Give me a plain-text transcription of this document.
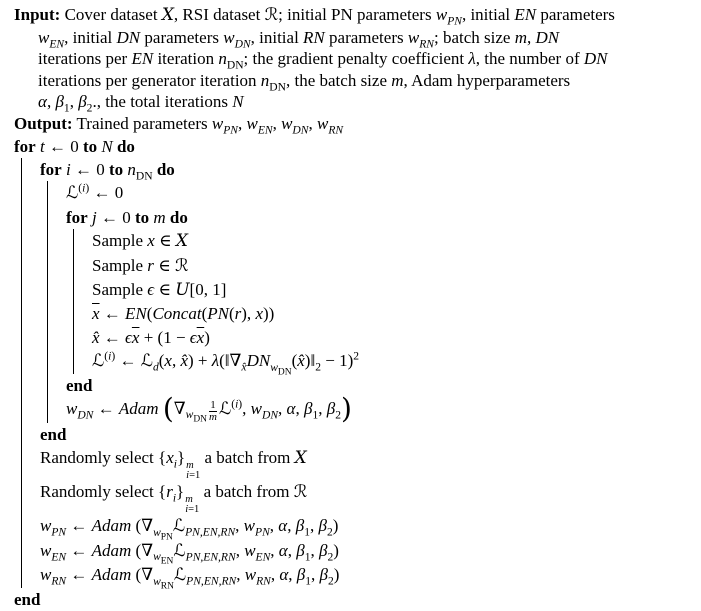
Input: Cover dataset X, RSI dataset ℛ; initial PN parameters $w_{PN}$, initial EN parameters
$w_{EN}$, initial DN parameters $w_{DN}$, initial RN parameters $w_{RN}$; batch size m, DN
iterations per EN iteration $n_{DN}$; the gradient penalty coefficient λ, the number of DN
iterations per generator iteration $n_{DN}$, the batch size m, Adam hyperparameters
α, $\beta_1$, $\beta_2$., the total iterations N
Output: Trained parameters $w_{PN}$, $w_{EN}$, $w_{DN}$, $w_{RN}$
for t ← 0 to N do
for i ← 0 to $n_{DN}$ do
ℒ$^{(i)}$ ← 0
for j ← 0 to m do
Sample x ∈ X
Sample r ∈ ℛ
Sample ϵ ∈ U[0, 1]
$\overline{x}$ ← EN(Concat(PN(r), x))
x̂ ← $\epsilon\overline{x} + (1 - \epsilon\overline{x})$
ℒ$^{(i)}$ ← ℒ$_d$(x, x̂) + $\lambda(‖\nabla_{x̂}DN_{w_{DN}}(x̂)‖_2 - 1)^2$
end
$w_{DN}$ ← Adam ($\nabla_{w_{DN}} \frac{1}{m}$ ℒ$^{(i)}$, $w_{DN}$, α, $\beta_1$, $\beta_2$)
end
Randomly select $\{x_i\}$ m
i=1
a batch from X
Randomly select $\{r_i\}$ m
i=1
a batch from ℛ
$w_{PN}$ ← Adam ($\nabla_{w_{PN}}ℒ_{PN,EN,RN}$, $w_{PN}$, α, $\beta_1$, $\beta_2$)
$w_{EN}$ ← Adam ($\nabla_{w_{EN}}ℒ_{PN,EN,RN}$, $w_{EN}$, α, $\beta_1$, $\beta_2$)
$w_{RN}$ ← Adam ($\nabla_{w_{RN}}ℒ_{PN,EN,RN}$, $w_{RN}$, α, $\beta_1$, $\beta_2$)
end
